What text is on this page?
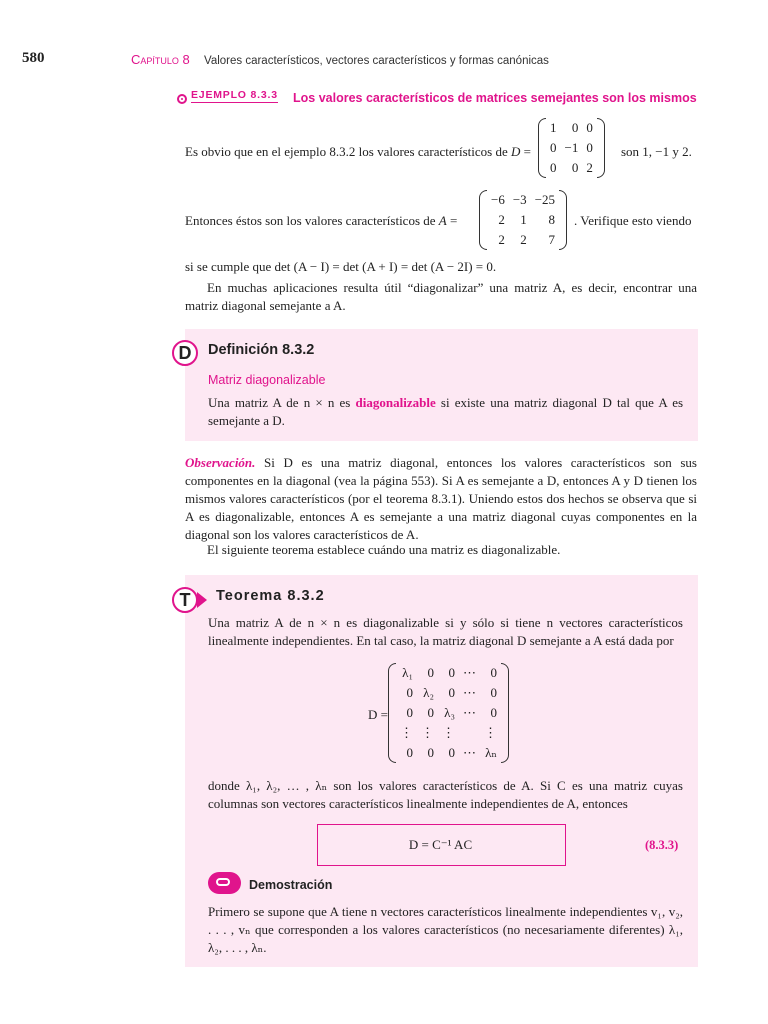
580	Capítulo 8 Valores característicos, vectores característicos y formas canónicas
EJEMPLO 8.3.3 Los valores característicos de matrices semejantes son los mismos
Es obvio que en el ejemplo 8.3.2 los valores característicos de D =
1	0	0
0	−1	0
0	0	2
son 1, −1 y 2.
Entonces éstos son los valores característicos de A =
−6	−3	−25
2	1	8
2	2	7
. Verifique esto viendo
si se cumple que det (A − I) = det (A + I) = det (A − 2I) = 0.
En muchas aplicaciones resulta útil “diagonalizar” una matriz A, es decir, encontrar una matriz diagonal semejante a A.
D	Definición 8.3.2
Matriz diagonalizable
Una matriz A de n × n es diagonalizable si existe una matriz diagonal D tal que A es semejante a D.
Observación. Si D es una matriz diagonal, entonces los valores característicos son sus componentes en la diagonal (vea la página 553). Si A es semejante a D, entonces A y D tienen los mismos valores característicos (por el teorema 8.3.1). Uniendo estos dos hechos se observa que si A es diagonalizable, entonces A es semejante a una matriz diagonal cuyas componentes en la diagonal son los valores característicos de A.
El siguiente teorema establece cuándo una matriz es diagonalizable.
T	Teorema 8.3.2
Una matriz A de n × n es diagonalizable si y sólo si tiene n vectores característicos linealmente independientes. En tal caso, la matriz diagonal D semejante a A está dada por
D =
λ₁	0	0	⋯	0
0	λ₂	0	⋯	0
0	0	λ₃	⋯	0
⋮	⋮	⋮		⋮
0	0	0	⋯	λₙ
donde λ₁, λ₂, … , λₙ son los valores característicos de A. Si C es una matriz cuyas columnas son vectores característicos linealmente independientes de A, entonces
D = C⁻¹ AC	(8.3.3)
Demostración
Primero se supone que A tiene n vectores característicos linealmente independientes v₁, v₂, . . . , vₙ que corresponden a los valores característicos (no necesariamente diferentes) λ₁, λ₂, . . . , λₙ.
